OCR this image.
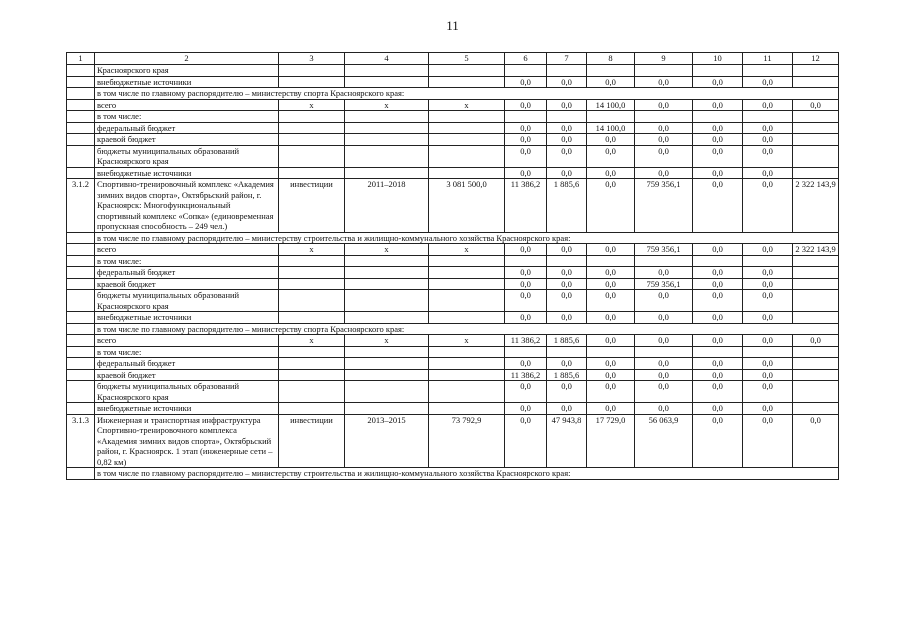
11
1	2	3	4	5	6	7	8	9	10	11	12
	Красноярского края										
	внебюджетные источники				0,0	0,0	0,0	0,0	0,0	0,0	
	в том числе по главному распорядителю – министерству спорта Красноярского края:										
	всего	х	х	х	0,0	0,0	14 100,0	0,0	0,0	0,0	0,0
	в том числе:										
	федеральный бюджет				0,0	0,0	14 100,0	0,0	0,0	0,0	
	краевой бюджет				0,0	0,0	0,0	0,0	0,0	0,0	
	бюджеты муниципальных образований Красноярского края				0,0	0,0	0,0	0,0	0,0	0,0	
	внебюджетные источники				0,0	0,0	0,0	0,0	0,0	0,0	
3.1.2	Спортивно-тренировочный комплекс «Академия зимних видов спорта», Октябрьский район, г. Красноярск: Многофункциональный спортивный комплекс «Сопка» (единовременная пропускная способность – 249 чел.)	инвестиции	2011–2018	3 081 500,0	11 386,2	1 885,6	0,0	759 356,1	0,0	0,0	2 322 143,9
	в том числе по главному распорядителю – министерству строительства и жилищно-коммунального хозяйства Красноярского края:										
	всего	х	х	х	0,0	0,0	0,0	759 356,1	0,0	0,0	2 322 143,9
	в том числе:										
	федеральный бюджет				0,0	0,0	0,0	0,0	0,0	0,0	
	краевой бюджет				0,0	0,0	0,0	759 356,1	0,0	0,0	
	бюджеты муниципальных образований Красноярского края				0,0	0,0	0,0	0,0	0,0	0,0	
	внебюджетные источники				0,0	0,0	0,0	0,0	0,0	0,0	
	в том числе по главному распорядителю – министерству спорта Красноярского края:										
	всего	х	х	х	11 386,2	1 885,6	0,0	0,0	0,0	0,0	0,0
	в том числе:										
	федеральный бюджет				0,0	0,0	0,0	0,0	0,0	0,0	
	краевой бюджет				11 386,2	1 885,6	0,0	0,0	0,0	0,0	
	бюджеты муниципальных образований Красноярского края				0,0	0,0	0,0	0,0	0,0	0,0	
	внебюджетные источники				0,0	0,0	0,0	0,0	0,0	0,0	
3.1.3	Инженерная и транспортная инфраструктура Спортивно-тренировочного комплекса «Академия зимних видов спорта», Октябрьский район, г. Красноярск. 1 этап (инженерные сети – 0,82 км)	инвестиции	2013–2015	73 792,9	0,0	47 943,8	17 729,0	56 063,9	0,0	0,0	0,0
	в том числе по главному распорядителю – министерству строительства и жилищно-коммунального хозяйства Красноярского края:										
